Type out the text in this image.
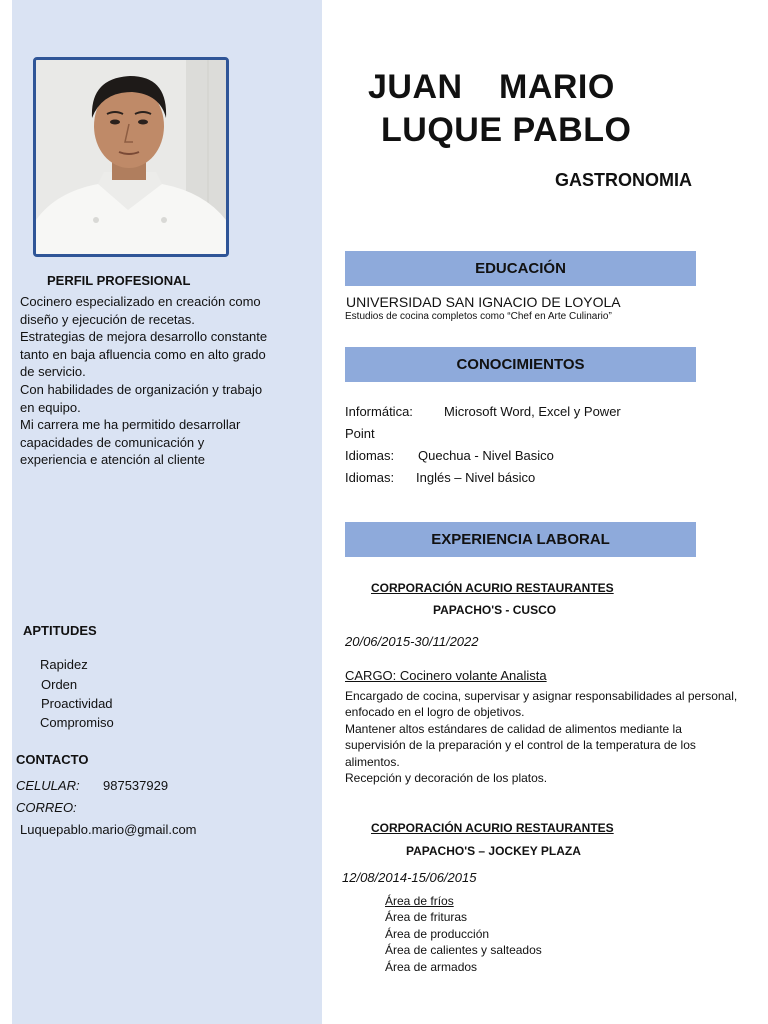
PERFIL PROFESIONAL

Cocinero especializado en creación como diseño y ejecución de recetas.

Estrategias de mejora desarrollo constante tanto en baja afluencia como en alto grado de servicio.

Con habilidades de organización y trabajo en equipo.

Mi carrera me ha permitido desarrollar capacidades de comunicación y experiencia e atención al cliente

APTITUDES
Rapidez
Orden
Proactividad
Compromiso
CONTACTO
CELULAR: 987537929
CORREO:
Luquepablo.mario@gmail.com
JUAN MARIO
LUQUE PABLO
GASTRONOMIA
EDUCACIÓN
UNIVERSIDAD SAN IGNACIO DE LOYOLA
Estudios de cocina completos como “Chef en Arte Culinario”
CONOCIMIENTOS
Informática: Microsoft Word, Excel y Power
Point
Idiomas: Quechua - Nivel Basico
Idiomas: Inglés – Nivel básico
EXPERIENCIA LABORAL
CORPORACIÓN ACURIO RESTAURANTES
PAPACHO'S - CUSCO
20/06/2015-30/11/2022
CARGO: Cocinero volante Analista

Encargado de cocina, supervisar y asignar responsabilidades al personal, enfocado en el logro de objetivos.

Mantener altos estándares de calidad de alimentos mediante la supervisión de la preparación y el control de la temperatura de los alimentos.

Recepción y decoración de los platos.

CORPORACIÓN ACURIO RESTAURANTES
PAPACHO'S – JOCKEY PLAZA
12/08/2014-15/06/2015

Área de fríos

Área de frituras

Área de producción

Área de calientes y salteados

Área de armados
